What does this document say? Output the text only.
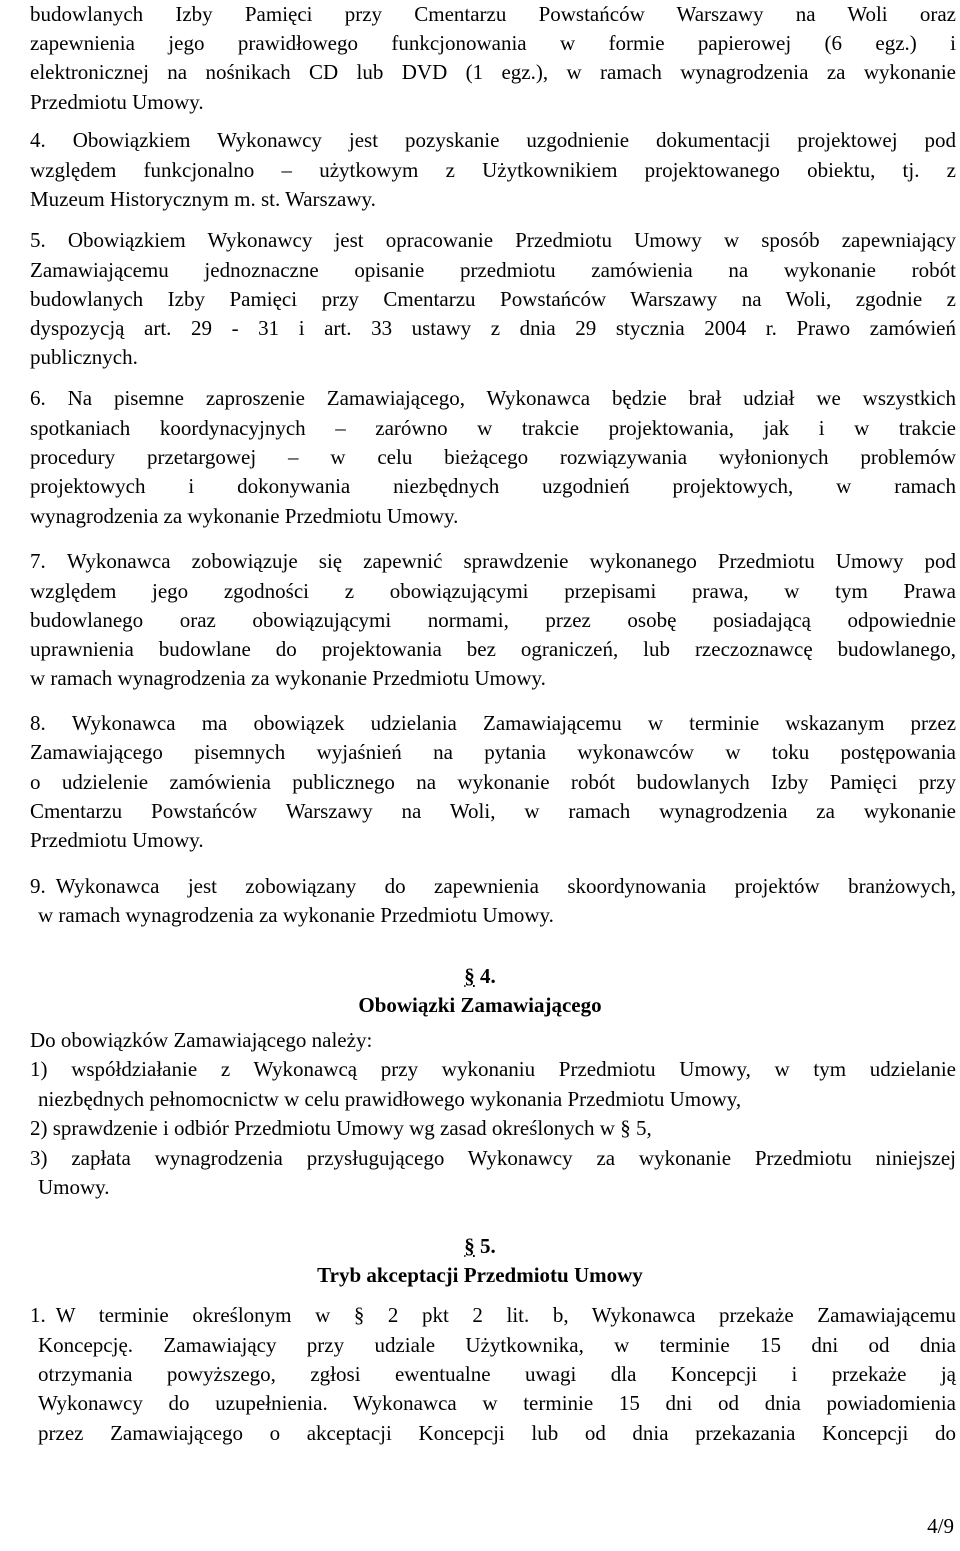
budowlanych Izby Pamięci przy Cmentarzu Powstańców Warszawy na Woli oraz
zapewnienia jego prawidłowego funkcjonowania w formie papierowej (6 egz.) i
elektronicznej na nośnikach CD lub DVD (1 egz.), w ramach wynagrodzenia za wykonanie
Przedmiotu Umowy.
4. Obowiązkiem Wykonawcy jest pozyskanie uzgodnienie dokumentacji projektowej pod
względem funkcjonalno – użytkowym z Użytkownikiem projektowanego obiektu, tj. z
Muzeum Historycznym m. st. Warszawy.
5. Obowiązkiem Wykonawcy jest opracowanie Przedmiotu Umowy w sposób zapewniający
Zamawiającemu jednoznaczne opisanie przedmiotu zamówienia na wykonanie robót
budowlanych Izby Pamięci przy Cmentarzu Powstańców Warszawy na Woli, zgodnie z
dyspozycją art. 29 - 31 i art. 33 ustawy z dnia 29 stycznia 2004 r. Prawo zamówień
publicznych.
6. Na pisemne zaproszenie Zamawiającego, Wykonawca będzie brał udział we wszystkich
spotkaniach koordynacyjnych – zarówno w trakcie projektowania, jak i w trakcie
procedury przetargowej – w celu bieżącego rozwiązywania wyłonionych problemów
projektowych i dokonywania niezbędnych uzgodnień projektowych, w ramach
wynagrodzenia za wykonanie Przedmiotu Umowy.
7. Wykonawca zobowiązuje się zapewnić sprawdzenie wykonanego Przedmiotu Umowy pod
względem jego zgodności z obowiązującymi przepisami prawa, w tym Prawa
budowlanego oraz obowiązującymi normami, przez osobę posiadającą odpowiednie
uprawnienia budowlane do projektowania bez ograniczeń, lub rzeczoznawcę budowlanego,
w ramach wynagrodzenia za wykonanie Przedmiotu Umowy.
8. Wykonawca ma obowiązek udzielania Zamawiającemu w terminie wskazanym przez
Zamawiającego pisemnych wyjaśnień na pytania wykonawców w toku postępowania
o udzielenie zamówienia publicznego na wykonanie robót budowlanych Izby Pamięci przy
Cmentarzu Powstańców Warszawy na Woli, w ramach wynagrodzenia za wykonanie
Przedmiotu Umowy.
9. Wykonawca jest zobowiązany do zapewnienia skoordynowania projektów branżowych,
w ramach wynagrodzenia za wykonanie Przedmiotu Umowy.
§ 4.
Obowiązki Zamawiającego
Do obowiązków Zamawiającego należy:
1) współdziałanie z Wykonawcą przy wykonaniu Przedmiotu Umowy, w tym udzielanie
niezbędnych pełnomocnictw w celu prawidłowego wykonania Przedmiotu Umowy,
2) sprawdzenie i odbiór Przedmiotu Umowy wg zasad określonych w § 5,
3) zapłata wynagrodzenia przysługującego Wykonawcy za wykonanie Przedmiotu niniejszej
Umowy.
§ 5.
Tryb akceptacji Przedmiotu Umowy
1. W terminie określonym w § 2 pkt 2 lit. b, Wykonawca przekaże Zamawiającemu
Koncepcję. Zamawiający przy udziale Użytkownika, w terminie 15 dni od dnia
otrzymania powyższego, zgłosi ewentualne uwagi dla Koncepcji i przekaże ją
Wykonawcy do uzupełnienia. Wykonawca w terminie 15 dni od dnia powiadomienia
przez Zamawiającego o akceptacji Koncepcji lub od dnia przekazania Koncepcji do
4/9
